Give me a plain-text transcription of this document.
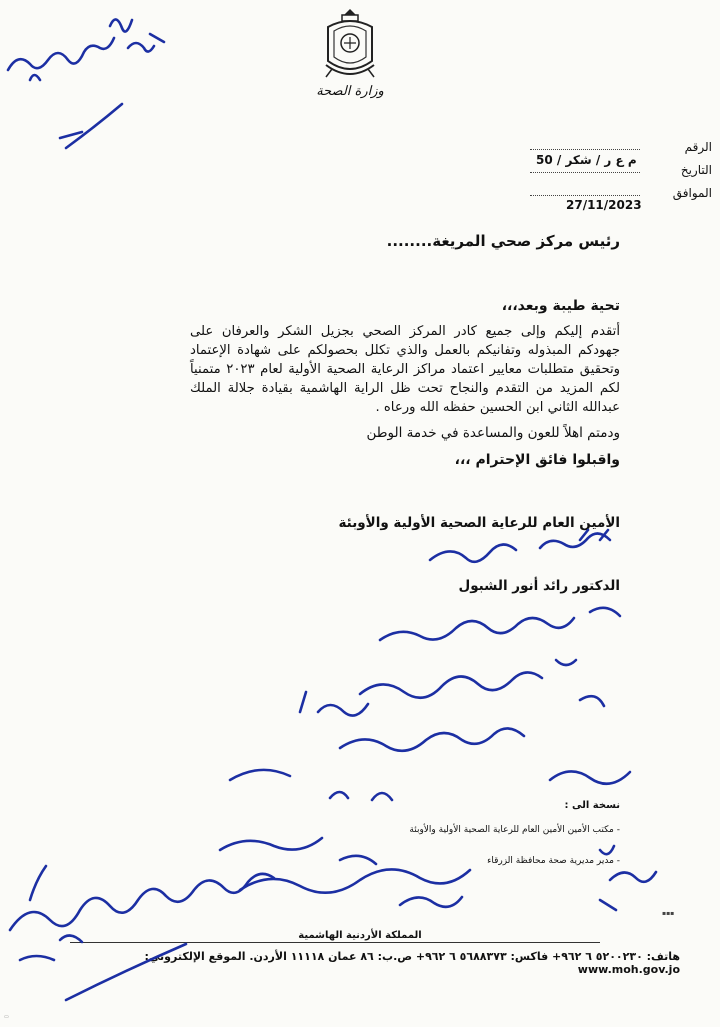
وزارة الصحة
الرقم
التاريخ
الموافق
م ع ر / شكر / 50
27/11/2023
رئيس مركز صحي المريغة........
تحية طيبة وبعد،،،
أتقدم إليكم وإلى جميع كادر المركز الصحي بجزيل الشكر والعرفان على جهودكم المبذوله وتفانيكم بالعمل والذي تكلل بحصولكم على شهادة الإعتماد وتحقيق متطلبات معايير اعتماد مراكز الرعاية الصحية الأولية لعام ٢٠٢٣ متمنياً لكم المزيد من التقدم والنجاح تحت ظل الراية الهاشمية بقيادة جلالة الملك عبدالله الثاني ابن الحسين حفظه الله ورعاه .
ودمتم اهلاً للعون والمساعدة في خدمة الوطن
واقبلوا فائق الإحترام ،،،
الأمين العام للرعاية الصحية الأولية والأوبئة
الدكتور رائد أنور الشبول
نسخة الى :
- مكتب الأمين الأمين العام للرعاية الصحية الأولية والأوبئة
- مدير مديرية صحة محافظة الزرقاء
المملكة الأردنية الهاشمية
هاتف: ٥٢٠٠٢٣٠ ٦ ٩٦٢+ فاكس: ٥٦٨٨٣٧٣ ٦ ٩٦٢+ ص.ب: ٨٦ عمان ١١١١٨ الأردن. الموقع الإلكتروني: www.moh.gov.jo
▪▪▪
▭
